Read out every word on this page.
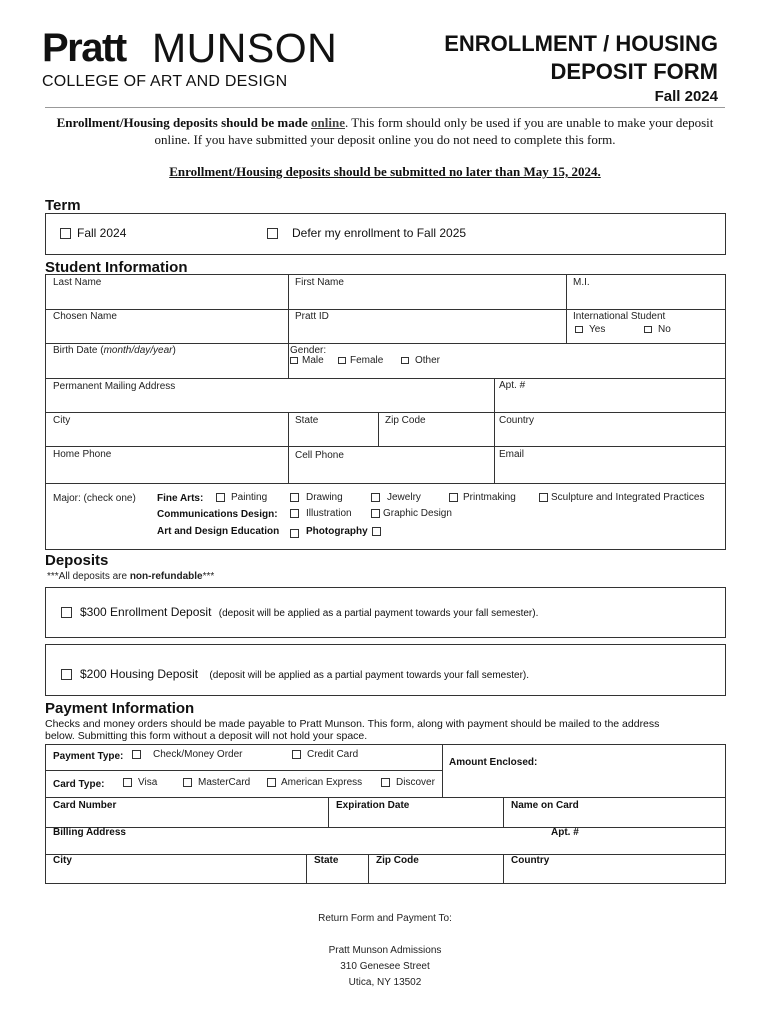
Pratt MUNSON
COLLEGE OF ART AND DESIGN
ENROLLMENT / HOUSING
DEPOSIT FORM
Fall 2024
Enrollment/Housing deposits should be made online. This form should only be used if you are unable to make your deposit online. If you have submitted your deposit online you do not need to complete this form.
Enrollment/Housing deposits should be submitted no later than May 15, 2024.
Term
Fall 2024	Defer my enrollment to Fall 2025
Student Information
Last Name	First Name	M.I.
Chosen Name	Pratt ID	International Student
Yes	No
Birth Date (month/day/year)	Gender:
Male	Female	Other
Permanent Mailing Address	Apt. #
City	State	Zip Code	Country
Home Phone	Cell Phone	Email
Major: (check one) Fine Arts:	Painting	Drawing	Jewelry	Printmaking	Sculpture and Integrated Practices
Communications Design:	Illustration	Graphic Design
Art and Design Education	Photography
Deposits
***All deposits are non-refundable***
$300 Enrollment Deposit (deposit will be applied as a partial payment towards your fall semester).
$200 Housing Deposit (deposit will be applied as a partial payment towards your fall semester).
Payment Information
Checks and money orders should be made payable to Pratt Munson. This form, along with payment should be mailed to the address below. Submitting this form without a deposit will not hold your space.
Payment Type:	Check/Money Order	Credit Card
Amount Enclosed:
Card Type:	Visa	MasterCard	American Express	Discover
Card Number	Expiration Date	Name on Card
Billing Address	Apt. #
City	State	Zip Code	Country
Return Form and Payment To:
Pratt Munson Admissions
310 Genesee Street
Utica, NY 13502
